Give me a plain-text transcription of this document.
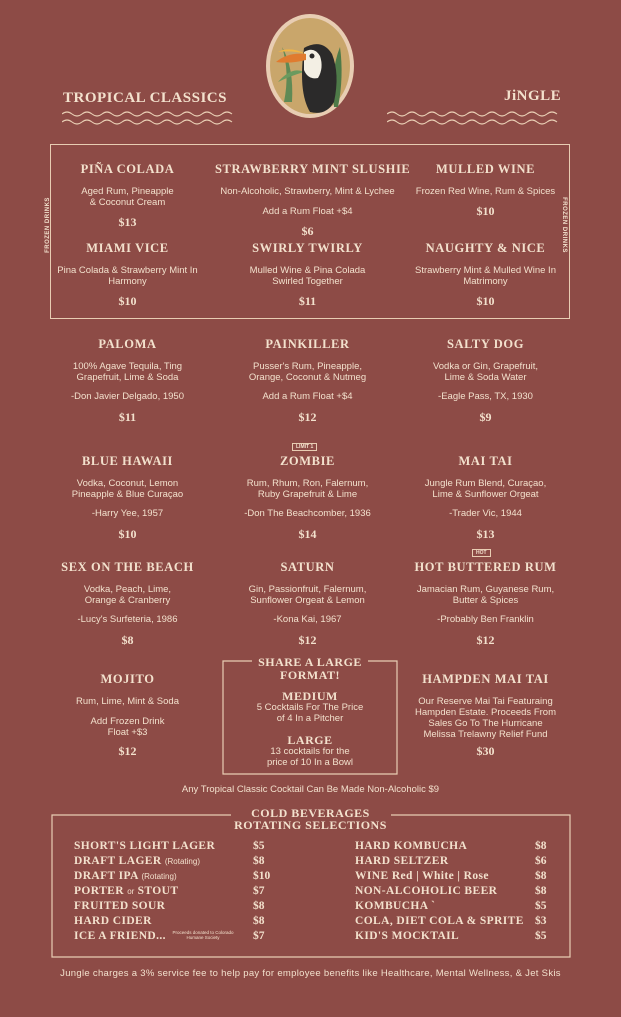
TROPICAL CLASSICS	JiNGLE
FROZEN DRINKS	FROZEN DRINKS
PIÑA COLADA
Aged Rum, Pineapple & Coconut Cream
$13
STRAWBERRY MINT SLUSHIE
Non-Alcoholic, Strawberry, Mint & Lychee
Add a Rum Float +$4
$6
MULLED WINE
Frozen Red Wine, Rum & Spices
$10
MIAMI VICE
Pina Colada & Strawberry Mint In Harmony
$10
SWIRLY TWIRLY
Mulled Wine & Pina Colada Swirled Together
$11
NAUGHTY & NICE
Strawberry Mint & Mulled Wine In Matrimony
$10
PALOMA
100% Agave Tequila, Ting Grapefruit, Lime & Soda
-Don Javier Delgado, 1950
$11
PAINKILLER
Pusser's Rum, Pineapple, Orange, Coconut & Nutmeg
Add a Rum Float +$4
$12
SALTY DOG
Vodka or Gin, Grapefruit, Lime & Soda Water
-Eagle Pass, TX, 1930
$9
BLUE HAWAII
Vodka, Coconut, Lemon Pineapple & Blue Curaçao
-Harry Yee, 1957
$10
LIMIT 1
ZOMBIE
Rum, Rhum, Ron, Falernum, Ruby Grapefruit & Lime
-Don The Beachcomber, 1936
$14
MAI TAI
Jungle Rum Blend, Curaçao, Lime & Sunflower Orgeat
-Trader Vic, 1944
$13
SEX ON THE BEACH
Vodka, Peach, Lime, Orange & Cranberry
-Lucy's Surfeteria, 1986
$8
SATURN
Gin, Passionfruit, Falernum, Sunflower Orgeat & Lemon
-Kona Kai, 1967
$12
HOT
HOT BUTTERED RUM
Jamacian Rum, Guyanese Rum, Butter & Spices
-Probably Ben Franklin
$12
MOJITO
Rum, Lime, Mint & Soda
Add Frozen Drink Float +$3
$12
SHARE A LARGE FORMAT!
MEDIUM
5 Cocktails For The Price of 4 In a Pitcher
LARGE
13 cocktails for the price of 10 In a Bowl
HAMPDEN MAI TAI
Our Reserve Mai Tai Featuraing Hampden Estate. Proceeds From Sales Go To The Hurricane Melissa Trelawny Relief Fund
$30
Any Tropical Classic Cocktail Can Be Made Non-Alcoholic $9
COLD BEVERAGES
ROTATING SELECTIONS
SHORT'S LIGHT LAGER	$5
DRAFT LAGER (Rotating)	$8
DRAFT IPA (Rotating)	$10
PORTER or STOUT	$7
FRUITED SOUR	$8
HARD CIDER	$8
ICE A FRIEND... Proceeds donated to Colorado Humane Society	$7
HARD KOMBUCHA	$8
HARD SELTZER	$6
WINE Red | White | Rose	$8
NON-ALCOHOLIC BEER	$8
KOMBUCHA `	$5
COLA, DIET COLA & SPRITE $3
KID'S MOCKTAIL	$5
Jungle charges a 3% service fee to help pay for employee benefits like Healthcare, Mental Wellness, & Jet Skis
